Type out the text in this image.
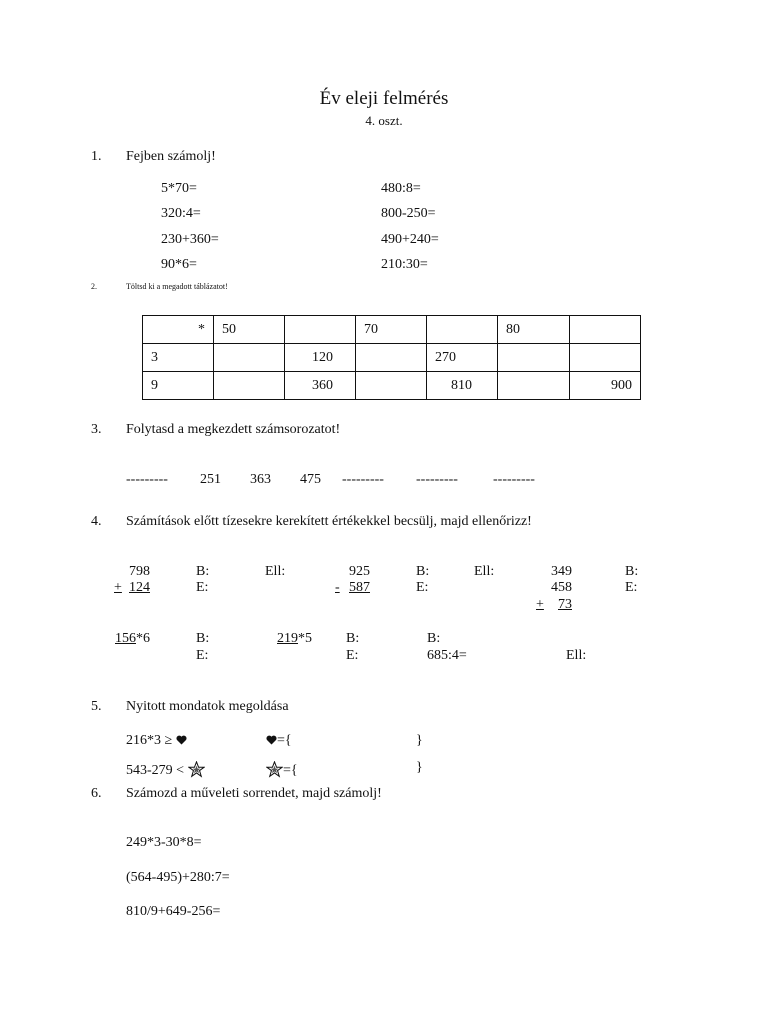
Év eleji felmérés
4. oszt.
1. Fejben számolj!
5*70=
320:4=
230+360=
90*6=
480:8=
800-250=
490+240=
210:30=
2.	Töltsd ki a megadott táblázatot!
*	50		70		80	
3		120		270		
9		360		810		900
3. Folytasd a megkezdett számsorozatot!
--------- 251 363 475 --------- ---------	---------
4. Számítások előtt tízesekre kerekített értékekkel becsülj, majd ellenőrizz!
798
+ 124
B:
E:
Ell:	925
- 587
B:
E:
Ell:	349
458
+	73
B:
E:
156*6	B:
E:
219*5 B:
E:
B:
685:4=	Ell:
5. Nyitott mondatok megoldása
216*3 ≥	={	}
543-279 <	={	}
6. Számozd a műveleti sorrendet, majd számolj!
249*3-30*8=
(564-495)+280:7=
810/9+649-256=
